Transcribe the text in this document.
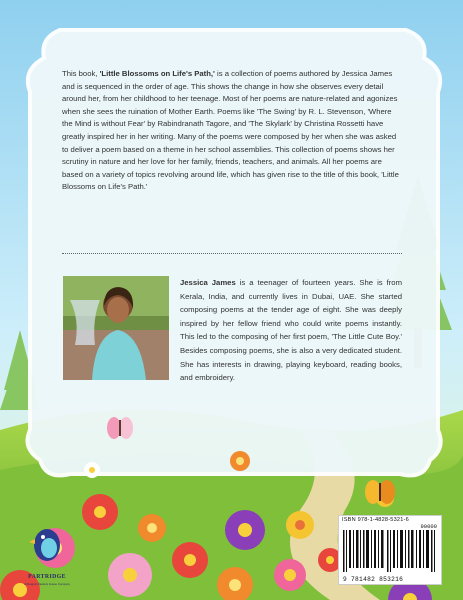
This book, 'Little Blossoms on Life's Path,' is a collection of poems authored by Jessica James and is sequenced in the order of age. This shows the change in how she observes every detail around her, from her childhood to her teenage. Most of her poems are nature-related and agonizes when she sees the ruination of Mother Earth. Poems like 'The Swing' by R. L. Stevenson, 'Where the Mind is without Fear' by Rabindranath Tagore, and 'The Skylark' by Christina Rossetti have greatly inspired her in her writing. Many of the poems were composed by her when she was asked to deliver a poem based on a theme in her school assemblies. This collection of poems shows her scrutiny in nature and her love for her family, friends, teachers, and animals. All her poems are based on a variety of topics revolving around life, which has given rise to the title of this book, 'Little Blossoms on Life's Path.'
Jessica James is a teenager of fourteen years. She is from Kerala, India, and currently lives in Dubai, UAE. She started composing poems at the tender age of eight. She was deeply inspired by her fellow friend who could write poems instantly. This led to the composing of her first poem, 'The Little Cute Boy.' Besides composing poems, she is also a very dedicated student. She has interests in drawing, playing keyboard, reading books, and embroidery.
ISBN 978-1-4828-5321-6
90000
9 781482 853216
PARTRIDGE
A Penguin Random House Company
